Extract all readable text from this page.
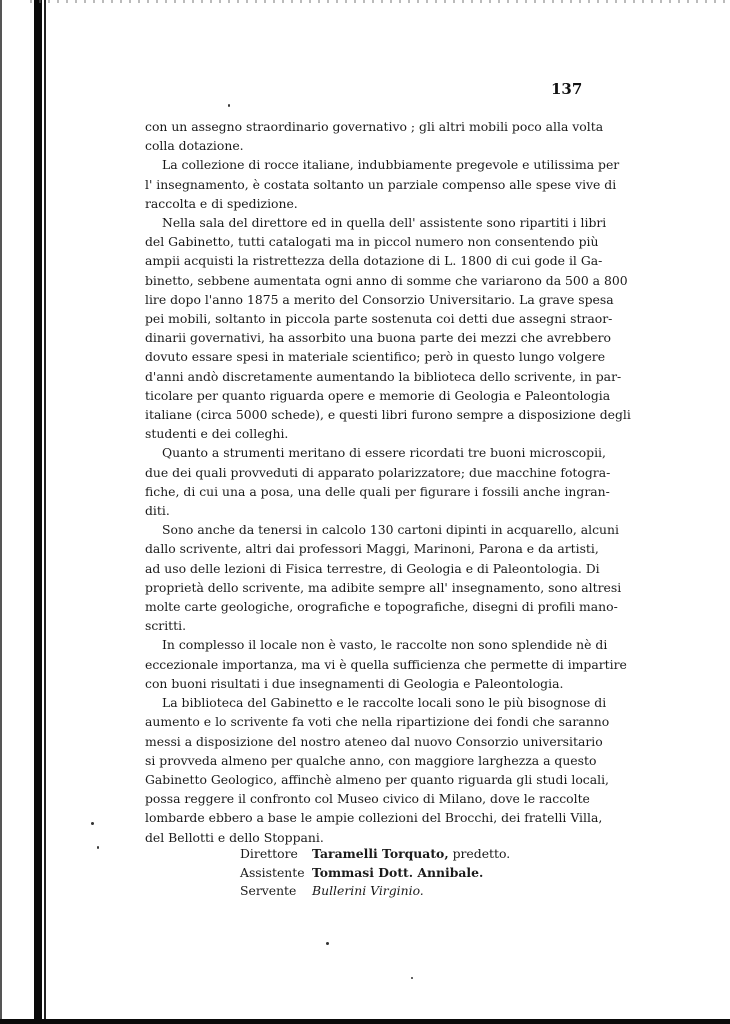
137

con un assegno straordinario governativo ; gli altri mobili poco alla volta
colla dotazione.

La collezione di rocce italiane, indubbiamente pregevole e utilissima per
l' insegnamento, è costata soltanto un parziale compenso alle spese vive di
raccolta e di spedizione.

Nella sala del direttore ed in quella dell' assistente sono ripartiti i libri
del Gabinetto, tutti catalogati ma in piccol numero non consentendo più
ampii acquisti la ristrettezza della dotazione di L. 1800 di cui gode il Ga-
binetto, sebbene aumentata ogni anno di somme che variarono da 500 a 800
lire dopo l'anno 1875 a merito del Consorzio Universitario. La grave spesa
pei mobili, soltanto in piccola parte sostenuta coi detti due assegni straor-
dinarii governativi, ha assorbito una buona parte dei mezzi che avrebbero
dovuto essare spesi in materiale scientifico; però in questo lungo volgere
d'anni andò discretamente aumentando la biblioteca dello scrivente, in par-
ticolare per quanto riguarda opere e memorie di Geologia e Paleontologia
italiane (circa 5000 schede), e questi libri furono sempre a disposizione degli
studenti e dei colleghi.

Quanto a strumenti meritano di essere ricordati tre buoni microscopii,
due dei quali provveduti di apparato polarizzatore; due macchine fotogra-
fiche, di cui una a posa, una delle quali per figurare i fossili anche ingran-
diti.

Sono anche da tenersi in calcolo 130 cartoni dipinti in acquarello, alcuni
dallo scrivente, altri dai professori Maggi, Marinoni, Parona e da artisti,
ad uso delle lezioni di Fisica terrestre, di Geologia e di Paleontologia. Di
proprietà dello scrivente, ma adibite sempre all' insegnamento, sono altresi
molte carte geologiche, orografiche e topografiche, disegni di profili mano-
scritti.

In complesso il locale non è vasto, le raccolte non sono splendide nè di
eccezionale importanza, ma vi è quella sufficienza che permette di impartire
con buoni risultati i due insegnamenti di Geologia e Paleontologia.

La biblioteca del Gabinetto e le raccolte locali sono le più bisognose di
aumento e lo scrivente fa voti che nella ripartizione dei fondi che saranno
messi a disposizione del nostro ateneo dal nuovo Consorzio universitario
si provveda almeno per qualche anno, con maggiore larghezza a questo
Gabinetto Geologico, affinchè almeno per quanto riguarda gli studi locali,
possa reggere il confronto col Museo civico di Milano, dove le raccolte
lombarde ebbero a base le ampie collezioni del Brocchi, dei fratelli Villa,
del Bellotti e dello Stoppani.

Direttore	Taramelli Torquato, predetto.
Assistente Tommasi Dott. Annibale.
Servente	Bullerini Virginio.
